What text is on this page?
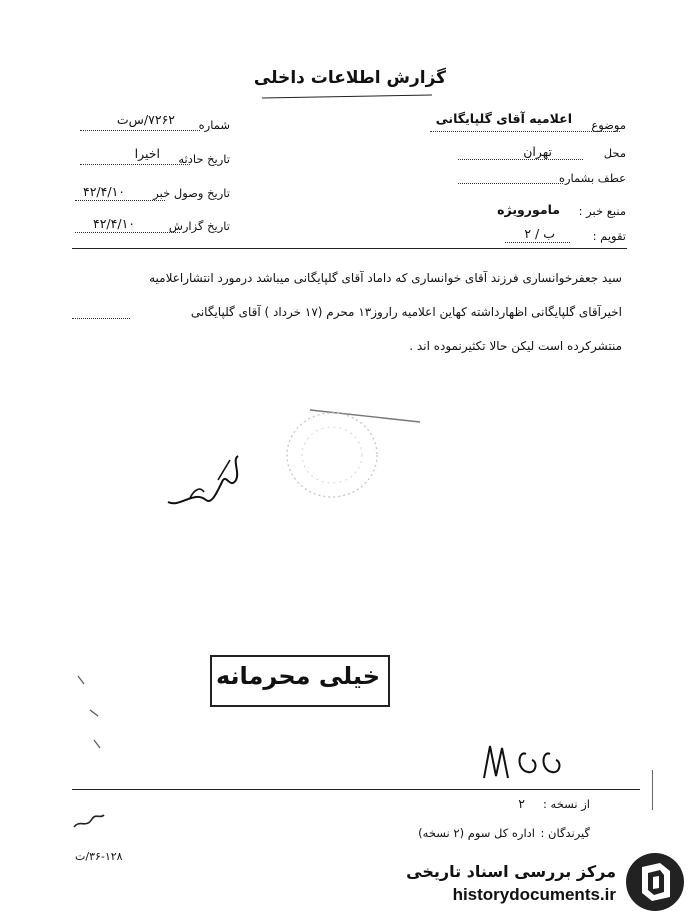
گزارش اطلاعات داخلی
شماره
۷۲۶۲/س‌ت
تاریخ حادثه
اخیرا
تاریخ وصول خبر
۴۲/۴/۱۰
تاریخ گزارش
۴۲/۴/۱۰
موضوع
اعلامیه آقای گلپایگانی
محل
تهران
عطف بشماره
منبع خبر :
مامورویژه
تقویم :
ب / ۲
سید جعفرخوانساری فرزند آقای خوانساری که داماد آقای گلپایگانی میباشد درمورد انتشاراعلامیه
اخیرآقای گلپایگانی اظهارداشته کهاین اعلامیه راروز۱۳ محرم (۱۷ خرداد ) آقای گلپایگانی
منتشرکرده است لیکن حالا تکثیرنموده اند .
خیلی محرمانه
از نسخه :
۲
گیرندگان :
اداره کل سوم (۲ نسخه)
۳۶-۱۲۸/ت
مرکز بررسی اسناد تاریخی
historydocuments.ir
